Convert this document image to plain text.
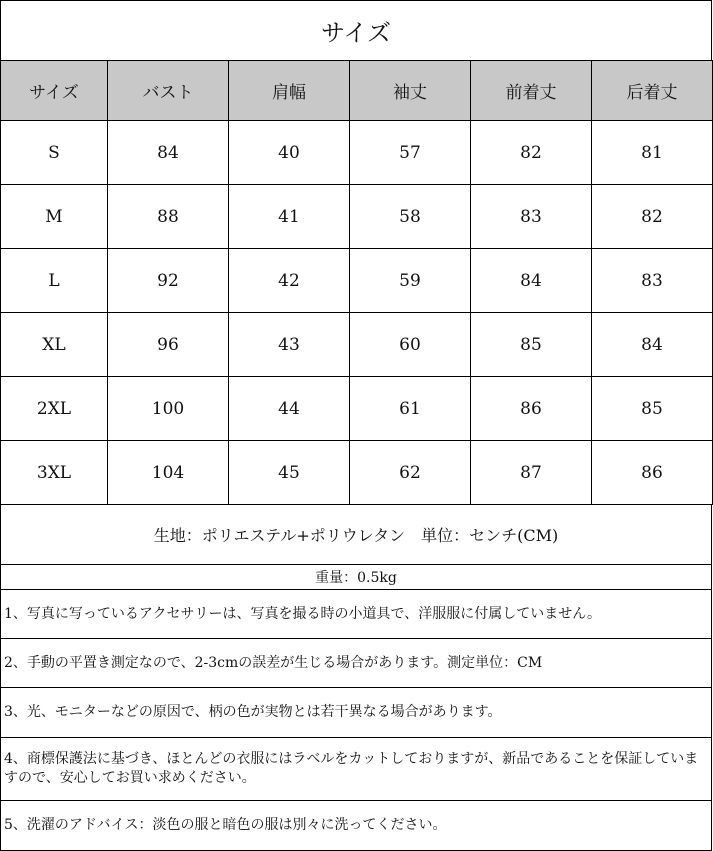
サイズ
サイズ	バスト	肩幅	袖丈	前着丈	后着丈
S	84	40	57	82	81
M	88	41	58	83	82
L	92	42	59	84	83
XL	96	43	60	85	84
2XL	100	44	61	86	85
3XL	104	45	62	87	86
生地：ポリエステル+ポリウレタン　単位：センチ(CM)
重量：0.5kg
1、写真に写っているアクセサリーは、写真を撮る時の小道具で、洋服服に付属していません。
2、手動の平置き測定なので、2-3cmの誤差が生じる場合があります。測定単位：CM
3、光、モニターなどの原因で、柄の色が実物とは若干異なる場合があります。
4、商標保護法に基づき、ほとんどの衣服にはラベルをカットしておりますが、新品であることを保証していますので、安心してお買い求めください。
5、洗濯のアドバイス：淡色の服と暗色の服は別々に洗ってください。
